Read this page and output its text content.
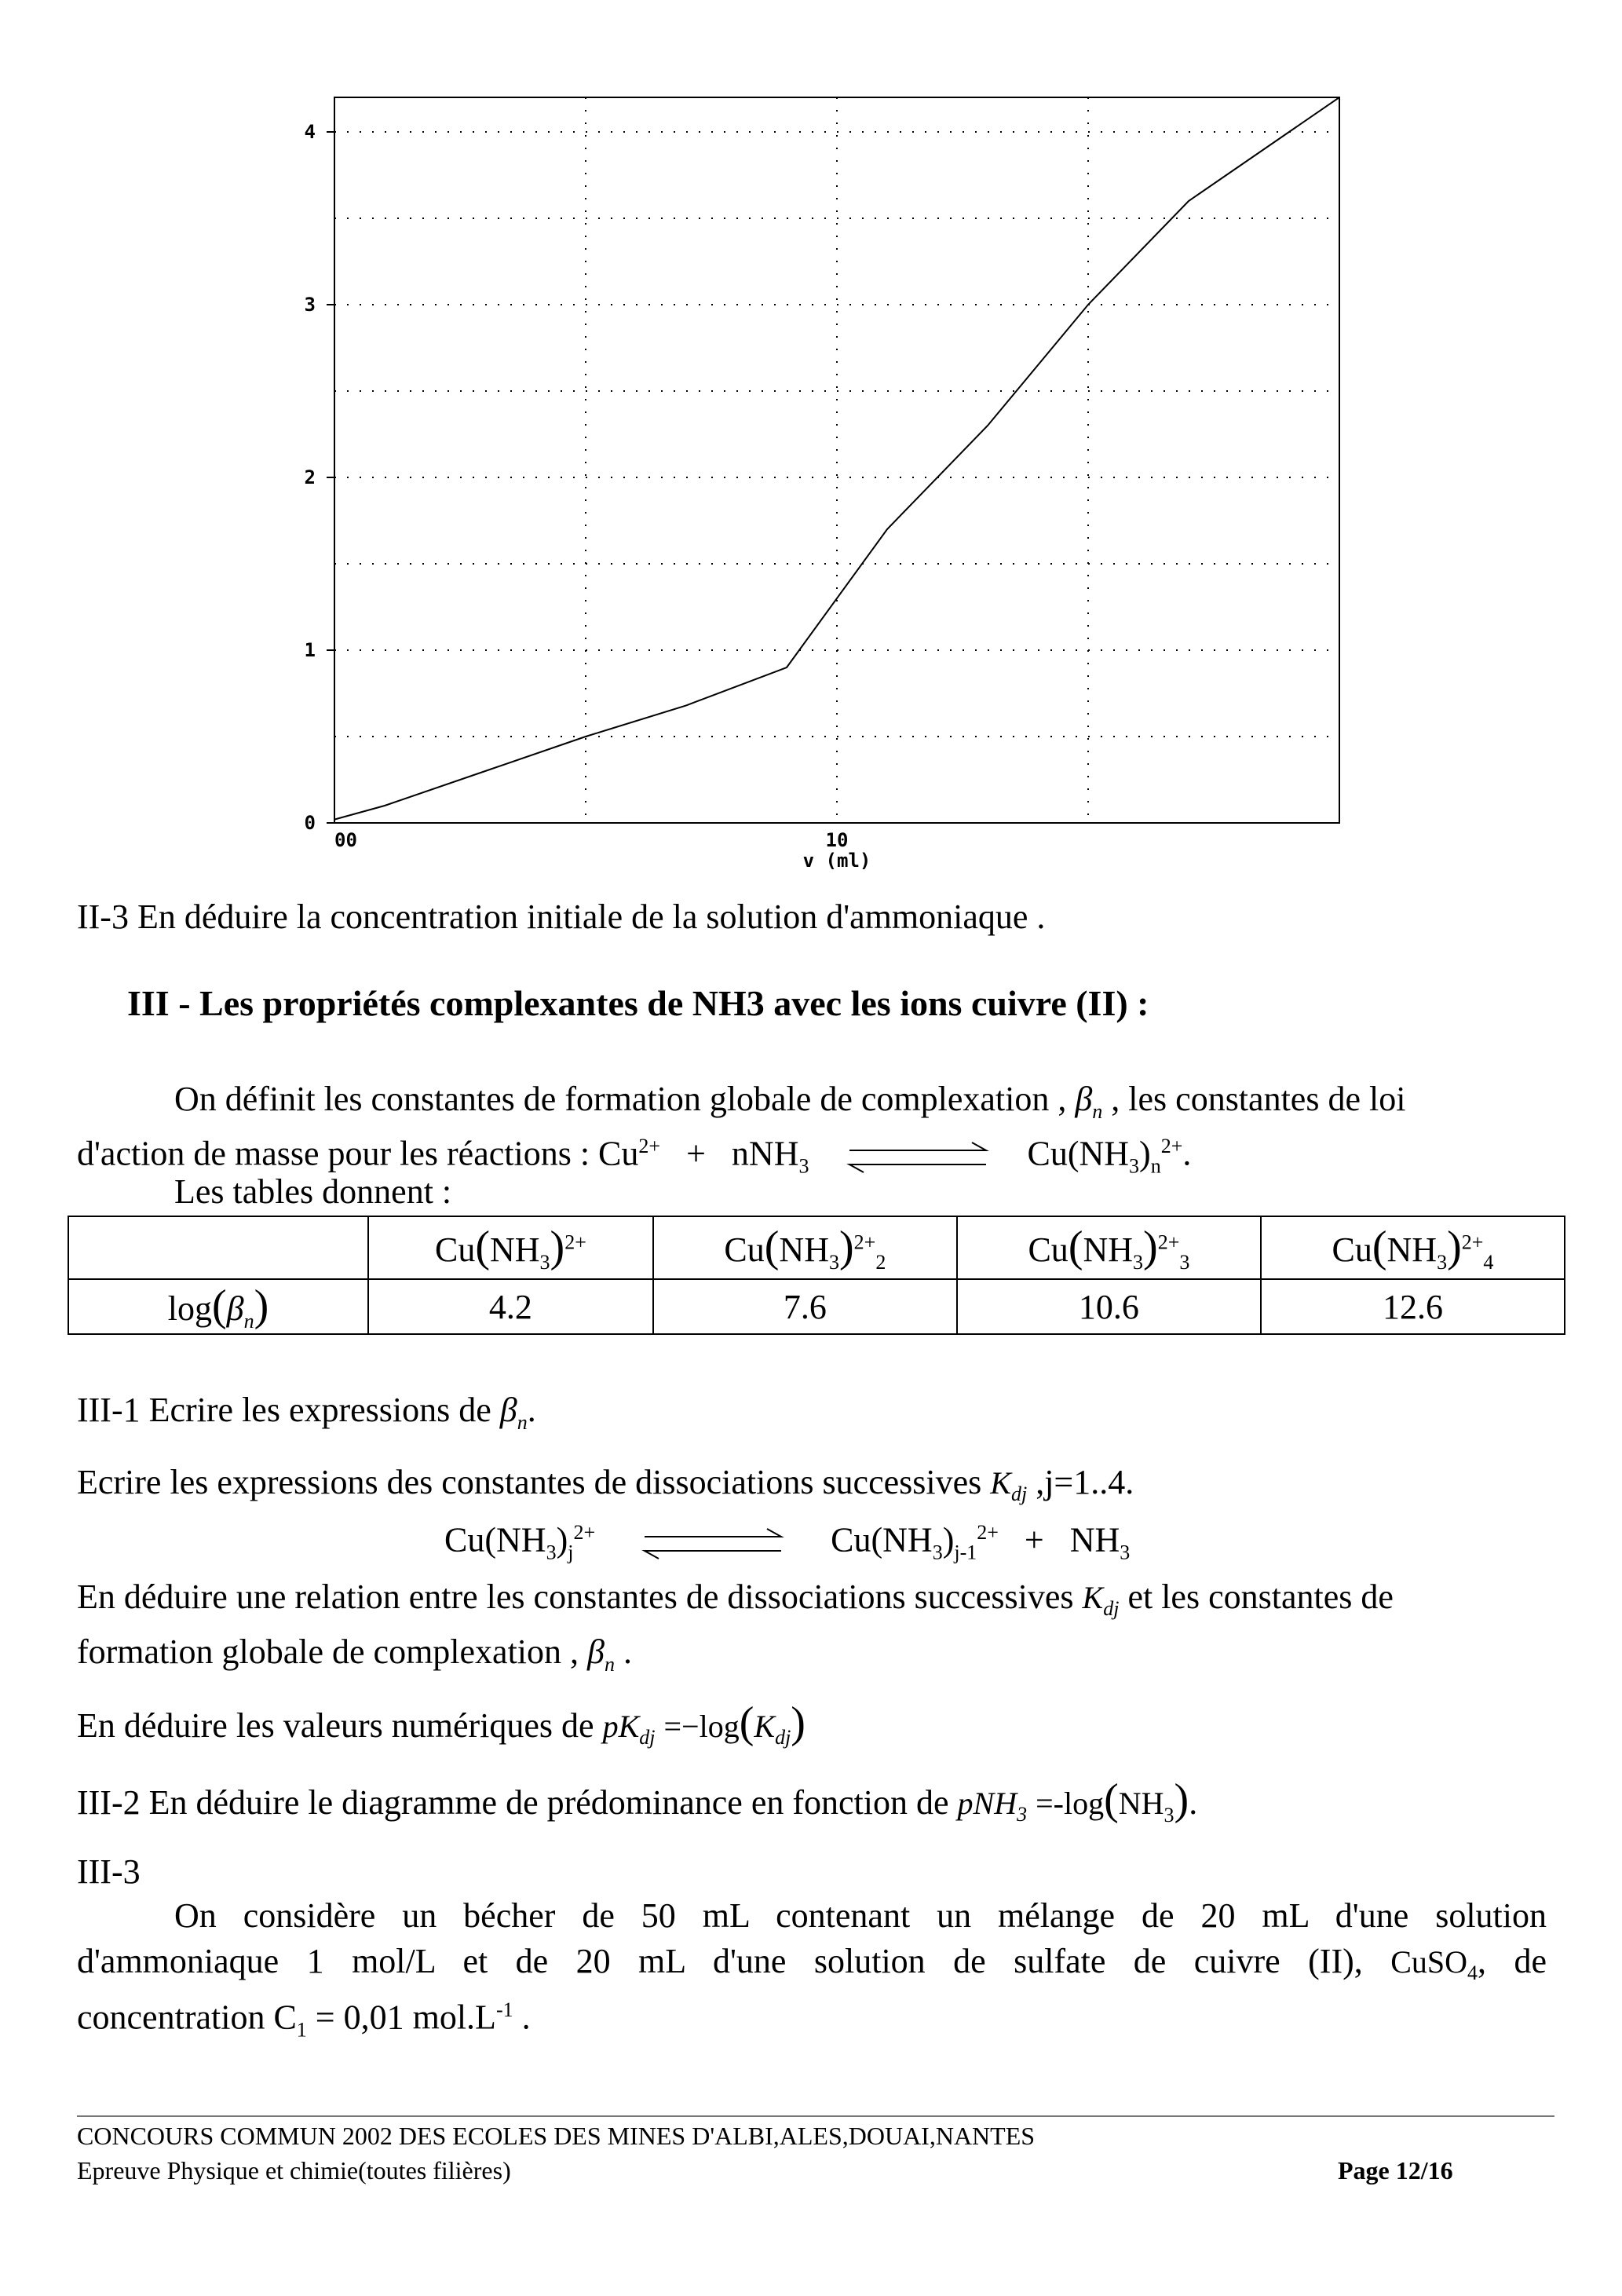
0
1
2
3
4
00	10
v (ml)
II-3 En déduire la concentration initiale de la solution d'ammoniaque .
III - Les propriétés complexantes de NH3 avec les ions cuivre (II) :
On définit les constantes de formation globale de complexation , $\beta_n$ , les constantes de loi
d'action de masse pour les réactions : $Cu^{2+} + nNH_3$	$Cu(NH_3)_n^{2+}$.
Les tables donnent :
	$Cu(NH_3)^{2+}$	$Cu(NH_3)^{2+}_2$	$Cu(NH_3)^{2+}_3$	$Cu(NH_3)^{2+}_4$
$\log(\beta_n)$	4.2	7.6	10.6	12.6
III-1 Ecrire les expressions de $\beta_n$.
Ecrire les expressions des constantes de dissociations successives $K_{dj}$ ,j=1..4.
$Cu(NH_3)_j^{2+}$	$Cu(NH_3)_{j-1}^{2+} + NH_3$
En déduire une relation entre les constantes de dissociations successives $K_{dj}$ et les constantes de
formation globale de complexation , $\beta_n$ .
En déduire les valeurs numériques de $pK_{dj} =-\log(K_{dj})$
III-2 En déduire le diagramme de prédominance en fonction de $pNH_3 =-\log(NH_3)$.
III-3
On considère un bécher de 50 mL contenant un mélange de 20 mL d'une solution
d'ammoniaque 1 mol/L et de 20 mL d'une solution de sulfate de cuivre (II), CuSO$_4$, de
concentration $C_1 = 0,01$ $mol.L^{-1}$ .
CONCOURS COMMUN 2002 DES ECOLES DES MINES D'ALBI,ALES,DOUAI,NANTES
Epreuve Physique et chimie(toutes filières)	Page 12/16
